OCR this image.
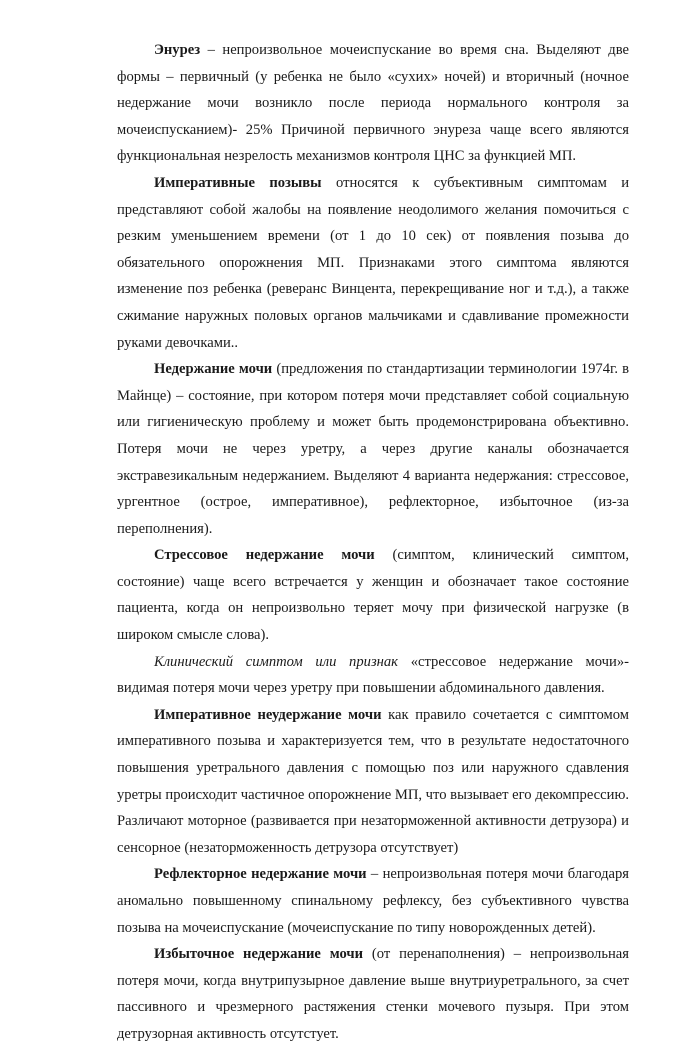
Энурез – непроизвольное мочеиспускание во время сна. Выделяют две формы – первичный (у ребенка не было «сухих» ночей) и вторичный (ночное недержание мочи возникло после периода нормального контроля за мочеиспусканием)- 25% Причиной первичного энуреза чаще всего являются функциональная незрелость механизмов контроля ЦНС за функцией МП.

Императивные позывы относятся к субъективным симптомам и представляют собой жалобы на появление неодолимого желания помочиться с резким уменьшением времени (от 1 до 10 сек) от появления позыва до обязательного опорожнения МП. Признаками этого симптома являются изменение поз ребенка (реверанс Винцента, перекрещивание ног и т.д.), а также сжимание наружных половых органов мальчиками и сдавливание промежности руками девочками..

Недержание мочи (предложения по стандартизации терминологии 1974г. в Майнце) – состояние, при котором потеря мочи представляет собой социальную или гигиеническую проблему и может быть продемонстрирована объективно. Потеря мочи не через уретру, а через другие каналы обозначается экстравезикальным недержанием. Выделяют 4 варианта недержания: стрессовое, ургентное (острое, императивное), рефлекторное, избыточное (из-за переполнения).

Стрессовое недержание мочи (симптом, клинический симптом, состояние) чаще всего встречается у женщин и обозначает такое состояние пациента, когда он непроизвольно теряет мочу при физической нагрузке (в широком смысле слова).

Клинический симптом или признак «стрессовое недержание мочи»- видимая потеря мочи через уретру при повышении абдоминального давления.

Императивное неудержание мочи как правило сочетается с симптомом императивного позыва и характеризуется тем, что в результате недостаточного повышения уретрального давления с помощью поз или наружного сдавления уретры происходит частичное опорожнение МП, что вызывает его декомпрессию. Различают моторное (развивается при незаторможенной активности детрузора) и сенсорное (незаторможенность детрузора отсутствует)

Рефлекторное недержание мочи – непроизвольная потеря мочи благодаря аномально повышенному спинальному рефлексу, без субъективного чувства позыва на мочеиспускание (мочеиспускание по типу новорожденных детей).

Избыточное недержание мочи (от перенаполнения) – непроизвольная потеря мочи, когда внутрипузырное давление выше внутриуретрального, за счет пассивного и чрезмерного растяжения стенки мочевого пузыря. При этом детрузорная активность отсутстует.
